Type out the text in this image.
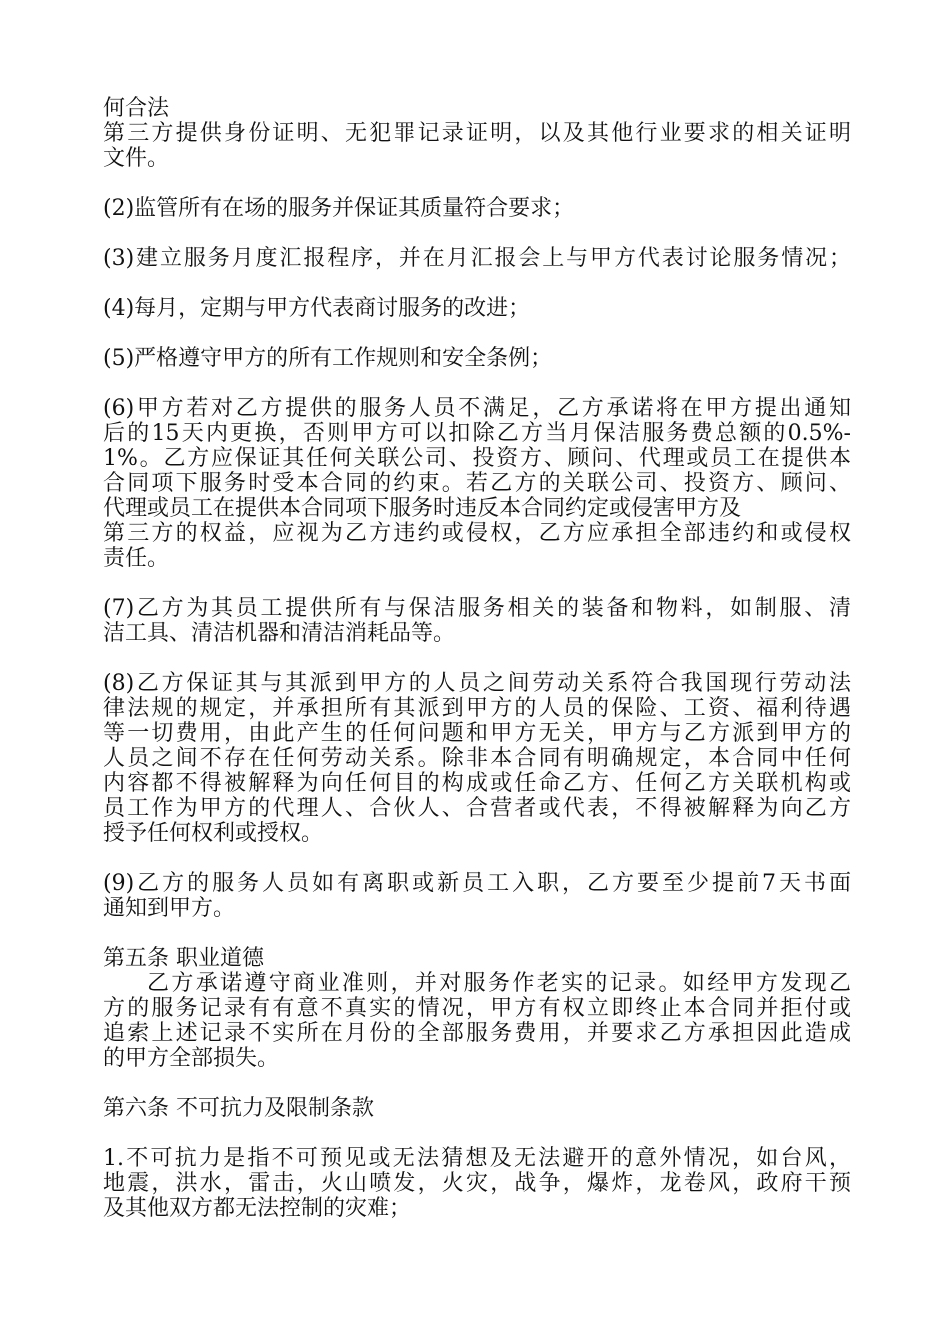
何合法
第三方提供身份证明、无犯罪记录证明，以及其他行业要求的相关证明
文件。
(2)监管所有在场的服务并保证其质量符合要求；
(3)建立服务月度汇报程序，并在月汇报会上与甲方代表讨论服务情况；
(4)每月，定期与甲方代表商讨服务的改进；
(5)严格遵守甲方的所有工作规则和安全条例；
(6)甲方若对乙方提供的服务人员不满足，乙方承诺将在甲方提出通知
后的15天内更换，否则甲方可以扣除乙方当月保洁服务费总额的0.5%-
1%。乙方应保证其任何关联公司、投资方、顾问、代理或员工在提供本
合同项下服务时受本合同的约束。若乙方的关联公司、投资方、顾问、
代理或员工在提供本合同项下服务时违反本合同约定或侵害甲方及
第三方的权益，应视为乙方违约或侵权，乙方应承担全部违约和或侵权
责任。
(7)乙方为其员工提供所有与保洁服务相关的装备和物料，如制服、清
洁工具、清洁机器和清洁消耗品等。
(8)乙方保证其与其派到甲方的人员之间劳动关系符合我国现行劳动法
律法规的规定，并承担所有其派到甲方的人员的保险、工资、福利待遇
等一切费用，由此产生的任何问题和甲方无关，甲方与乙方派到甲方的
人员之间不存在任何劳动关系。除非本合同有明确规定，本合同中任何
内容都不得被解释为向任何目的构成或任命乙方、任何乙方关联机构或
员工作为甲方的代理人、合伙人、合营者或代表，不得被解释为向乙方
授予任何权利或授权。
(9)乙方的服务人员如有离职或新员工入职，乙方要至少提前7天书面
通知到甲方。
第五条 职业道德
乙方承诺遵守商业准则，并对服务作老实的记录。如经甲方发现乙
方的服务记录有有意不真实的情况，甲方有权立即终止本合同并拒付或
追索上述记录不实所在月份的全部服务费用，并要求乙方承担因此造成
的甲方全部损失。
第六条 不可抗力及限制条款
1.不可抗力是指不可预见或无法猜想及无法避开的意外情况，如台风，
地震，洪水，雷击，火山喷发，火灾，战争，爆炸，龙卷风，政府干预
及其他双方都无法控制的灾难；
